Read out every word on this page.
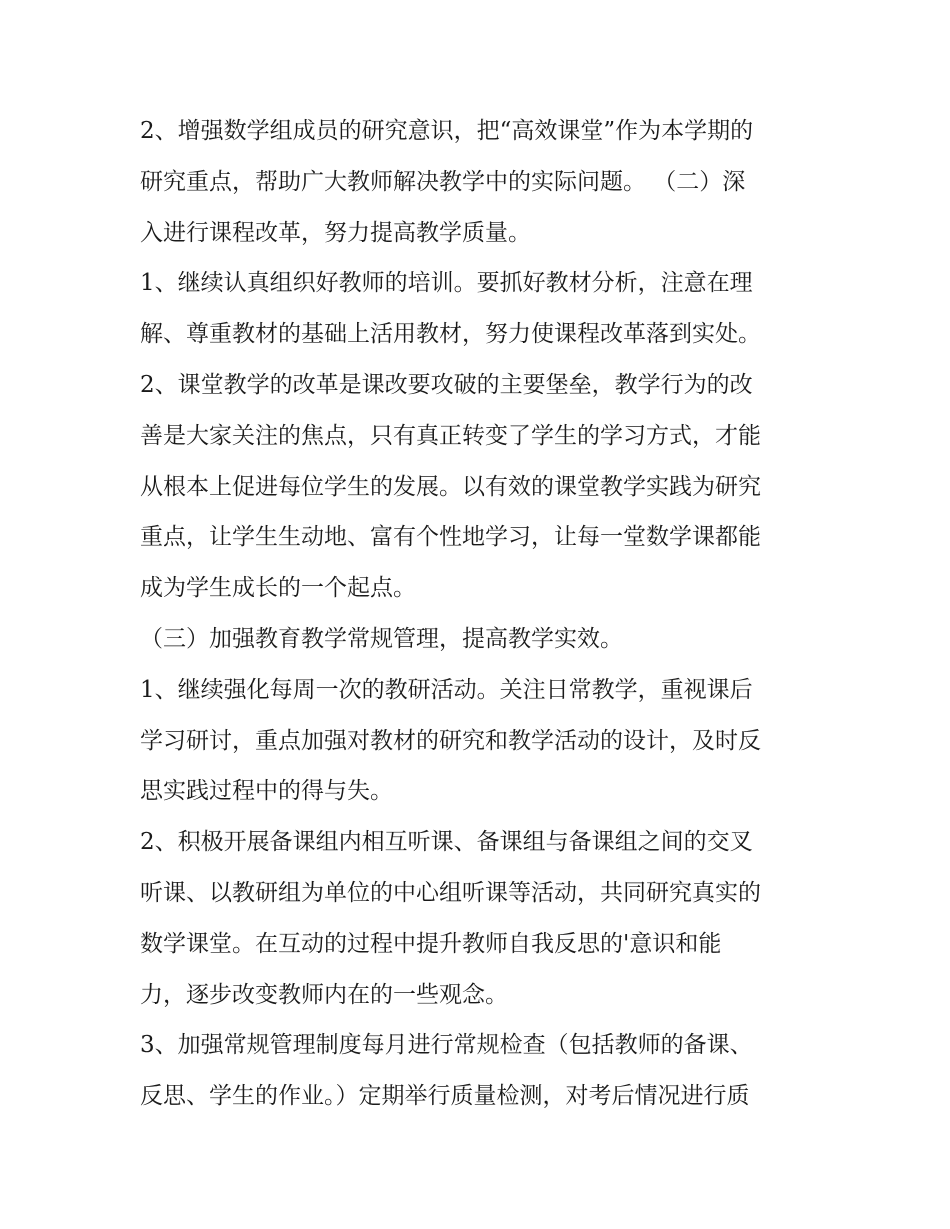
2、增强数学组成员的研究意识，把“高效课堂”作为本学期的
研究重点，帮助广大教师解决教学中的实际问题。 （二）深
入进行课程改革，努力提高教学质量。
1、继续认真组织好教师的培训。要抓好教材分析，注意在理
解、尊重教材的基础上活用教材，努力使课程改革落到实处。
2、课堂教学的改革是课改要攻破的主要堡垒，教学行为的改
善是大家关注的焦点，只有真正转变了学生的学习方式，才能
从根本上促进每位学生的发展。以有效的课堂教学实践为研究
重点，让学生生动地、富有个性地学习，让每一堂数学课都能
成为学生成长的一个起点。
（三）加强教育教学常规管理，提高教学实效。
1、继续强化每周一次的教研活动。关注日常教学，重视课后
学习研讨，重点加强对教材的研究和教学活动的设计，及时反
思实践过程中的得与失。
2、积极开展备课组内相互听课、备课组与备课组之间的交叉
听课、以教研组为单位的中心组听课等活动，共同研究真实的
数学课堂。在互动的过程中提升教师自我反思的'意识和能
力，逐步改变教师内在的一些观念。
3、加强常规管理制度每月进行常规检查（包括教师的备课、
反思、学生的作业。）定期举行质量检测，对考后情况进行质
